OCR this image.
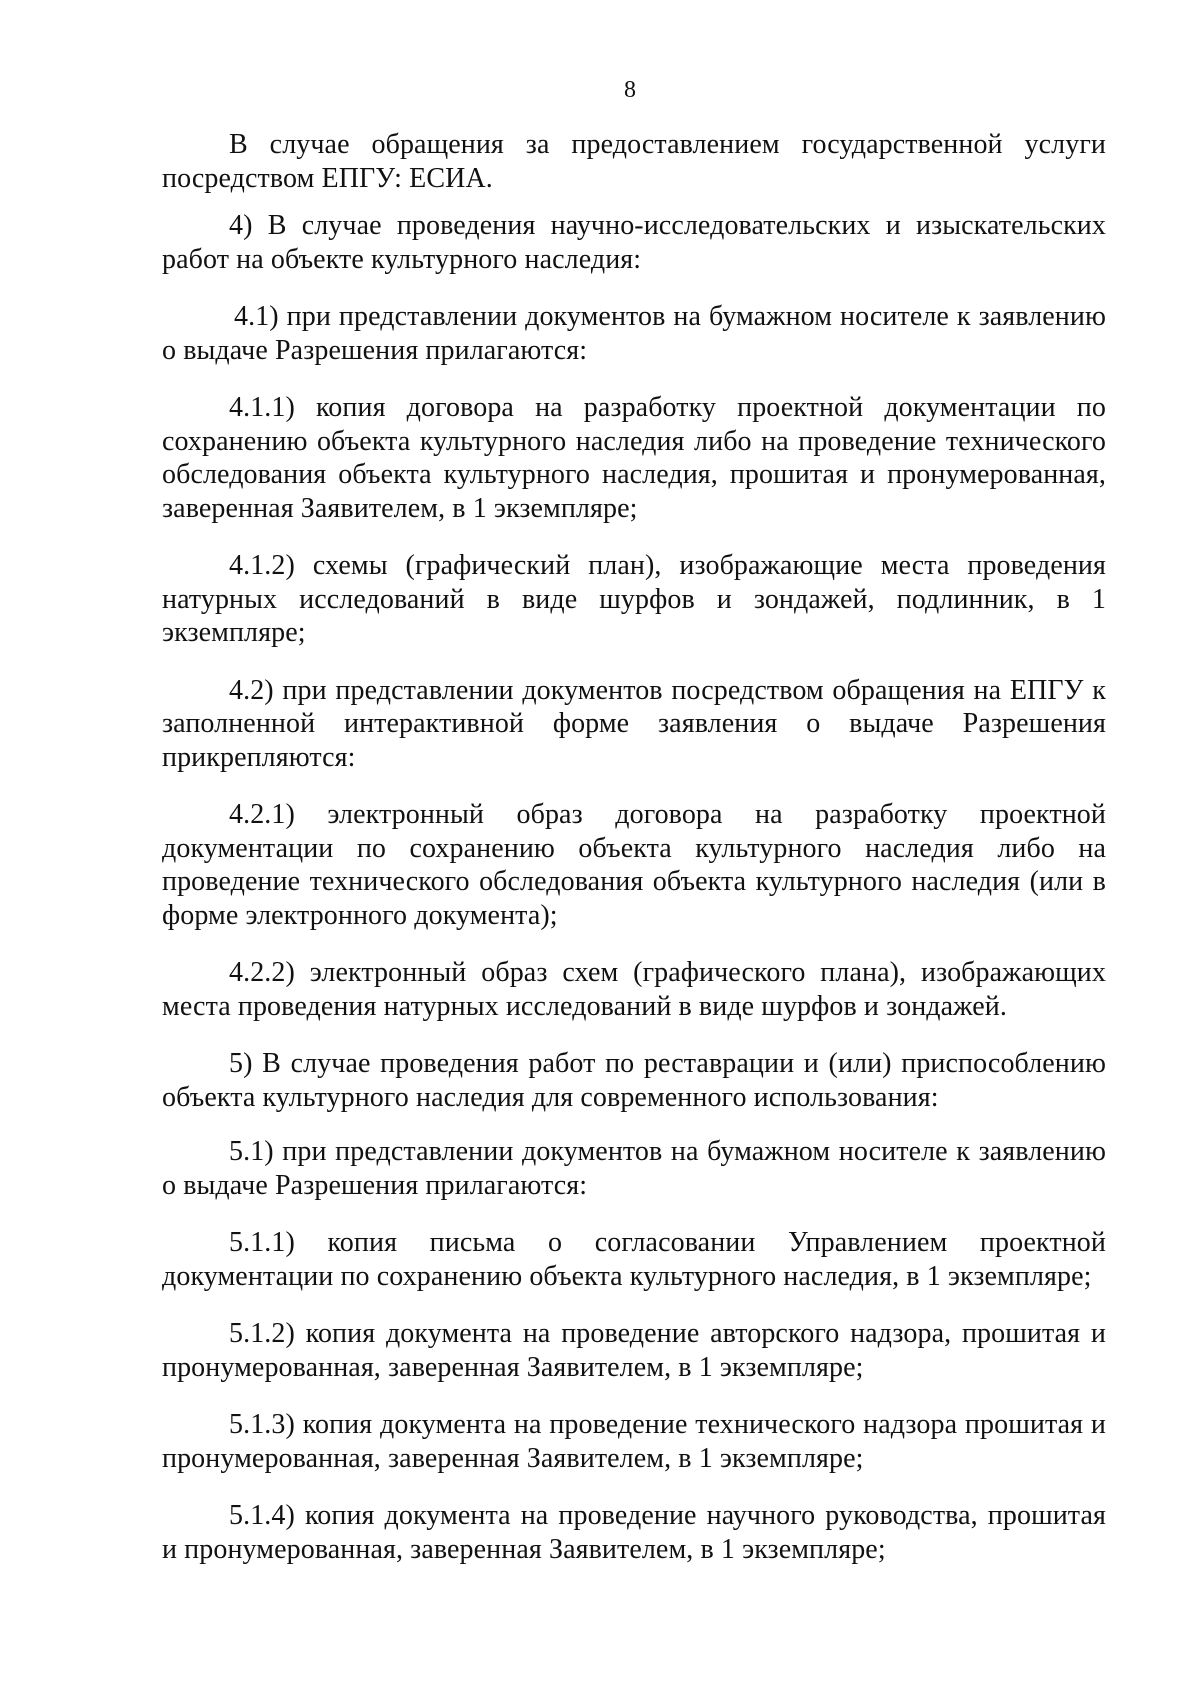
8

В случае обращения за предоставлением государственной услуги посредством ЕПГУ: ЕСИА.

4) В случае проведения научно-исследовательских и изыскательских работ на объекте культурного наследия:

4.1) при представлении документов на бумажном носителе к заявлению о выдаче Разрешения прилагаются:

4.1.1) копия договора на разработку проектной документации по сохранению объекта культурного наследия либо на проведение технического обследования объекта культурного наследия, прошитая и пронумерованная, заверенная Заявителем, в 1 экземпляре;

4.1.2) схемы (графический план), изображающие места проведения натурных исследований в виде шурфов и зондажей, подлинник, в 1 экземпляре;

4.2) при представлении документов посредством обращения на ЕПГУ к заполненной интерактивной форме заявления о выдаче Разрешения прикрепляются:

4.2.1) электронный образ договора на разработку проектной документации по сохранению объекта культурного наследия либо на проведение технического обследования объекта культурного наследия (или в форме электронного документа);

4.2.2) электронный образ схем (графического плана), изображающих места проведения натурных исследований в виде шурфов и зондажей.

5) В случае проведения работ по реставрации и (или) приспособлению объекта культурного наследия для современного использования:

5.1) при представлении документов на бумажном носителе к заявлению о выдаче Разрешения прилагаются:

5.1.1) копия письма о согласовании Управлением проектной документации по сохранению объекта культурного наследия, в 1 экземпляре;

5.1.2) копия документа на проведение авторского надзора, прошитая и пронумерованная, заверенная Заявителем, в 1 экземпляре;

5.1.3) копия документа на проведение технического надзора прошитая и пронумерованная, заверенная Заявителем, в 1 экземпляре;

5.1.4) копия документа на проведение научного руководства, прошитая и пронумерованная, заверенная Заявителем, в 1 экземпляре;
